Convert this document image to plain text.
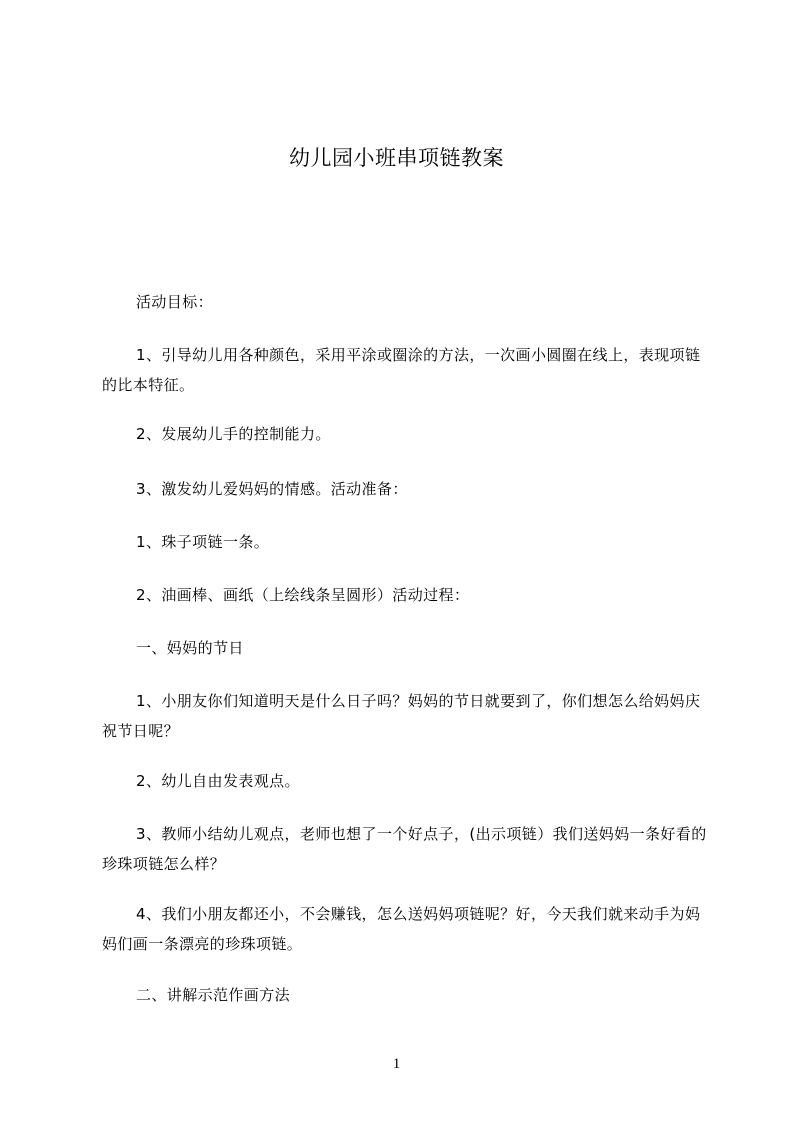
幼儿园小班串项链教案
活动目标：
1、引导幼儿用各种颜色，采用平涂或圈涂的方法，一次画小圆圈在线上，表现项链的比本特征。
2、发展幼儿手的控制能力。
3、激发幼儿爱妈妈的情感。活动准备：
1、珠子项链一条。
2、油画棒、画纸（上绘线条呈圆形）活动过程：
一、妈妈的节日
1、小朋友你们知道明天是什么日子吗？妈妈的节日就要到了，你们想怎么给妈妈庆祝节日呢？
2、幼儿自由发表观点。
3、教师小结幼儿观点，老师也想了一个好点子，(出示项链）我们送妈妈一条好看的珍珠项链怎么样？
4、我们小朋友都还小，不会赚钱，怎么送妈妈项链呢？好，今天我们就来动手为妈妈们画一条漂亮的珍珠项链。
二、讲解示范作画方法
1
